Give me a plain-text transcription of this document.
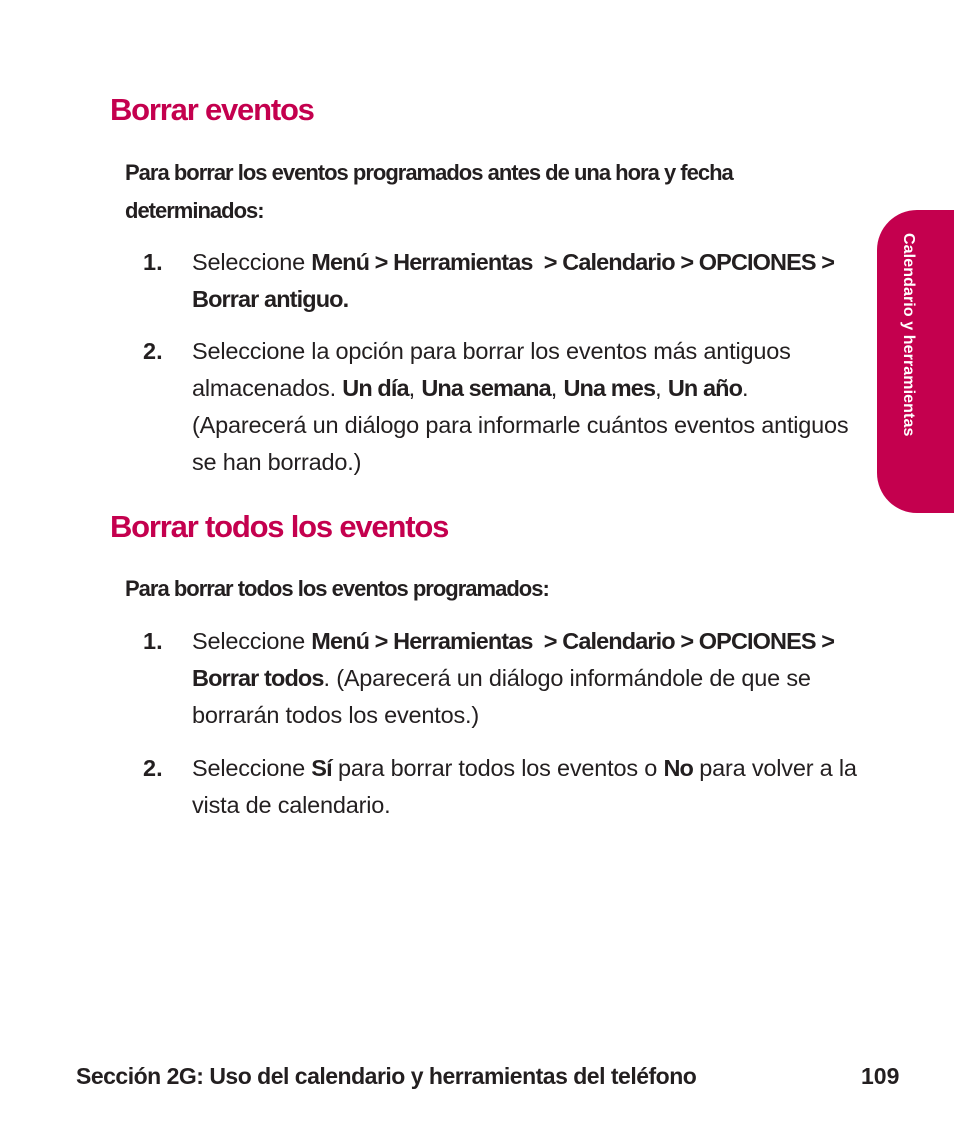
Borrar eventos

Para borrar los eventos programados antes de una hora y fecha determinados:

1.	Seleccione Menú > Herramientas  > Calendario > OPCIONES > Borrar antiguo.
2.	Seleccione la opción para borrar los eventos más antiguos almacenados. Un día, Una semana, Una mes, Un año. (Aparecerá un diálogo para informarle cuántos eventos antiguos se han borrado.)
Borrar todos los eventos

Para borrar todos los eventos programados:

1.	Seleccione Menú > Herramientas  > Calendario > OPCIONES > Borrar todos. (Aparecerá un diálogo informándole de que se borrarán todos los eventos.)
2.	Seleccione Sí para borrar todos los eventos o No para volver a la vista de calendario.
Calendario y herramientas
Sección 2G: Uso del calendario y herramientas del teléfono	109
